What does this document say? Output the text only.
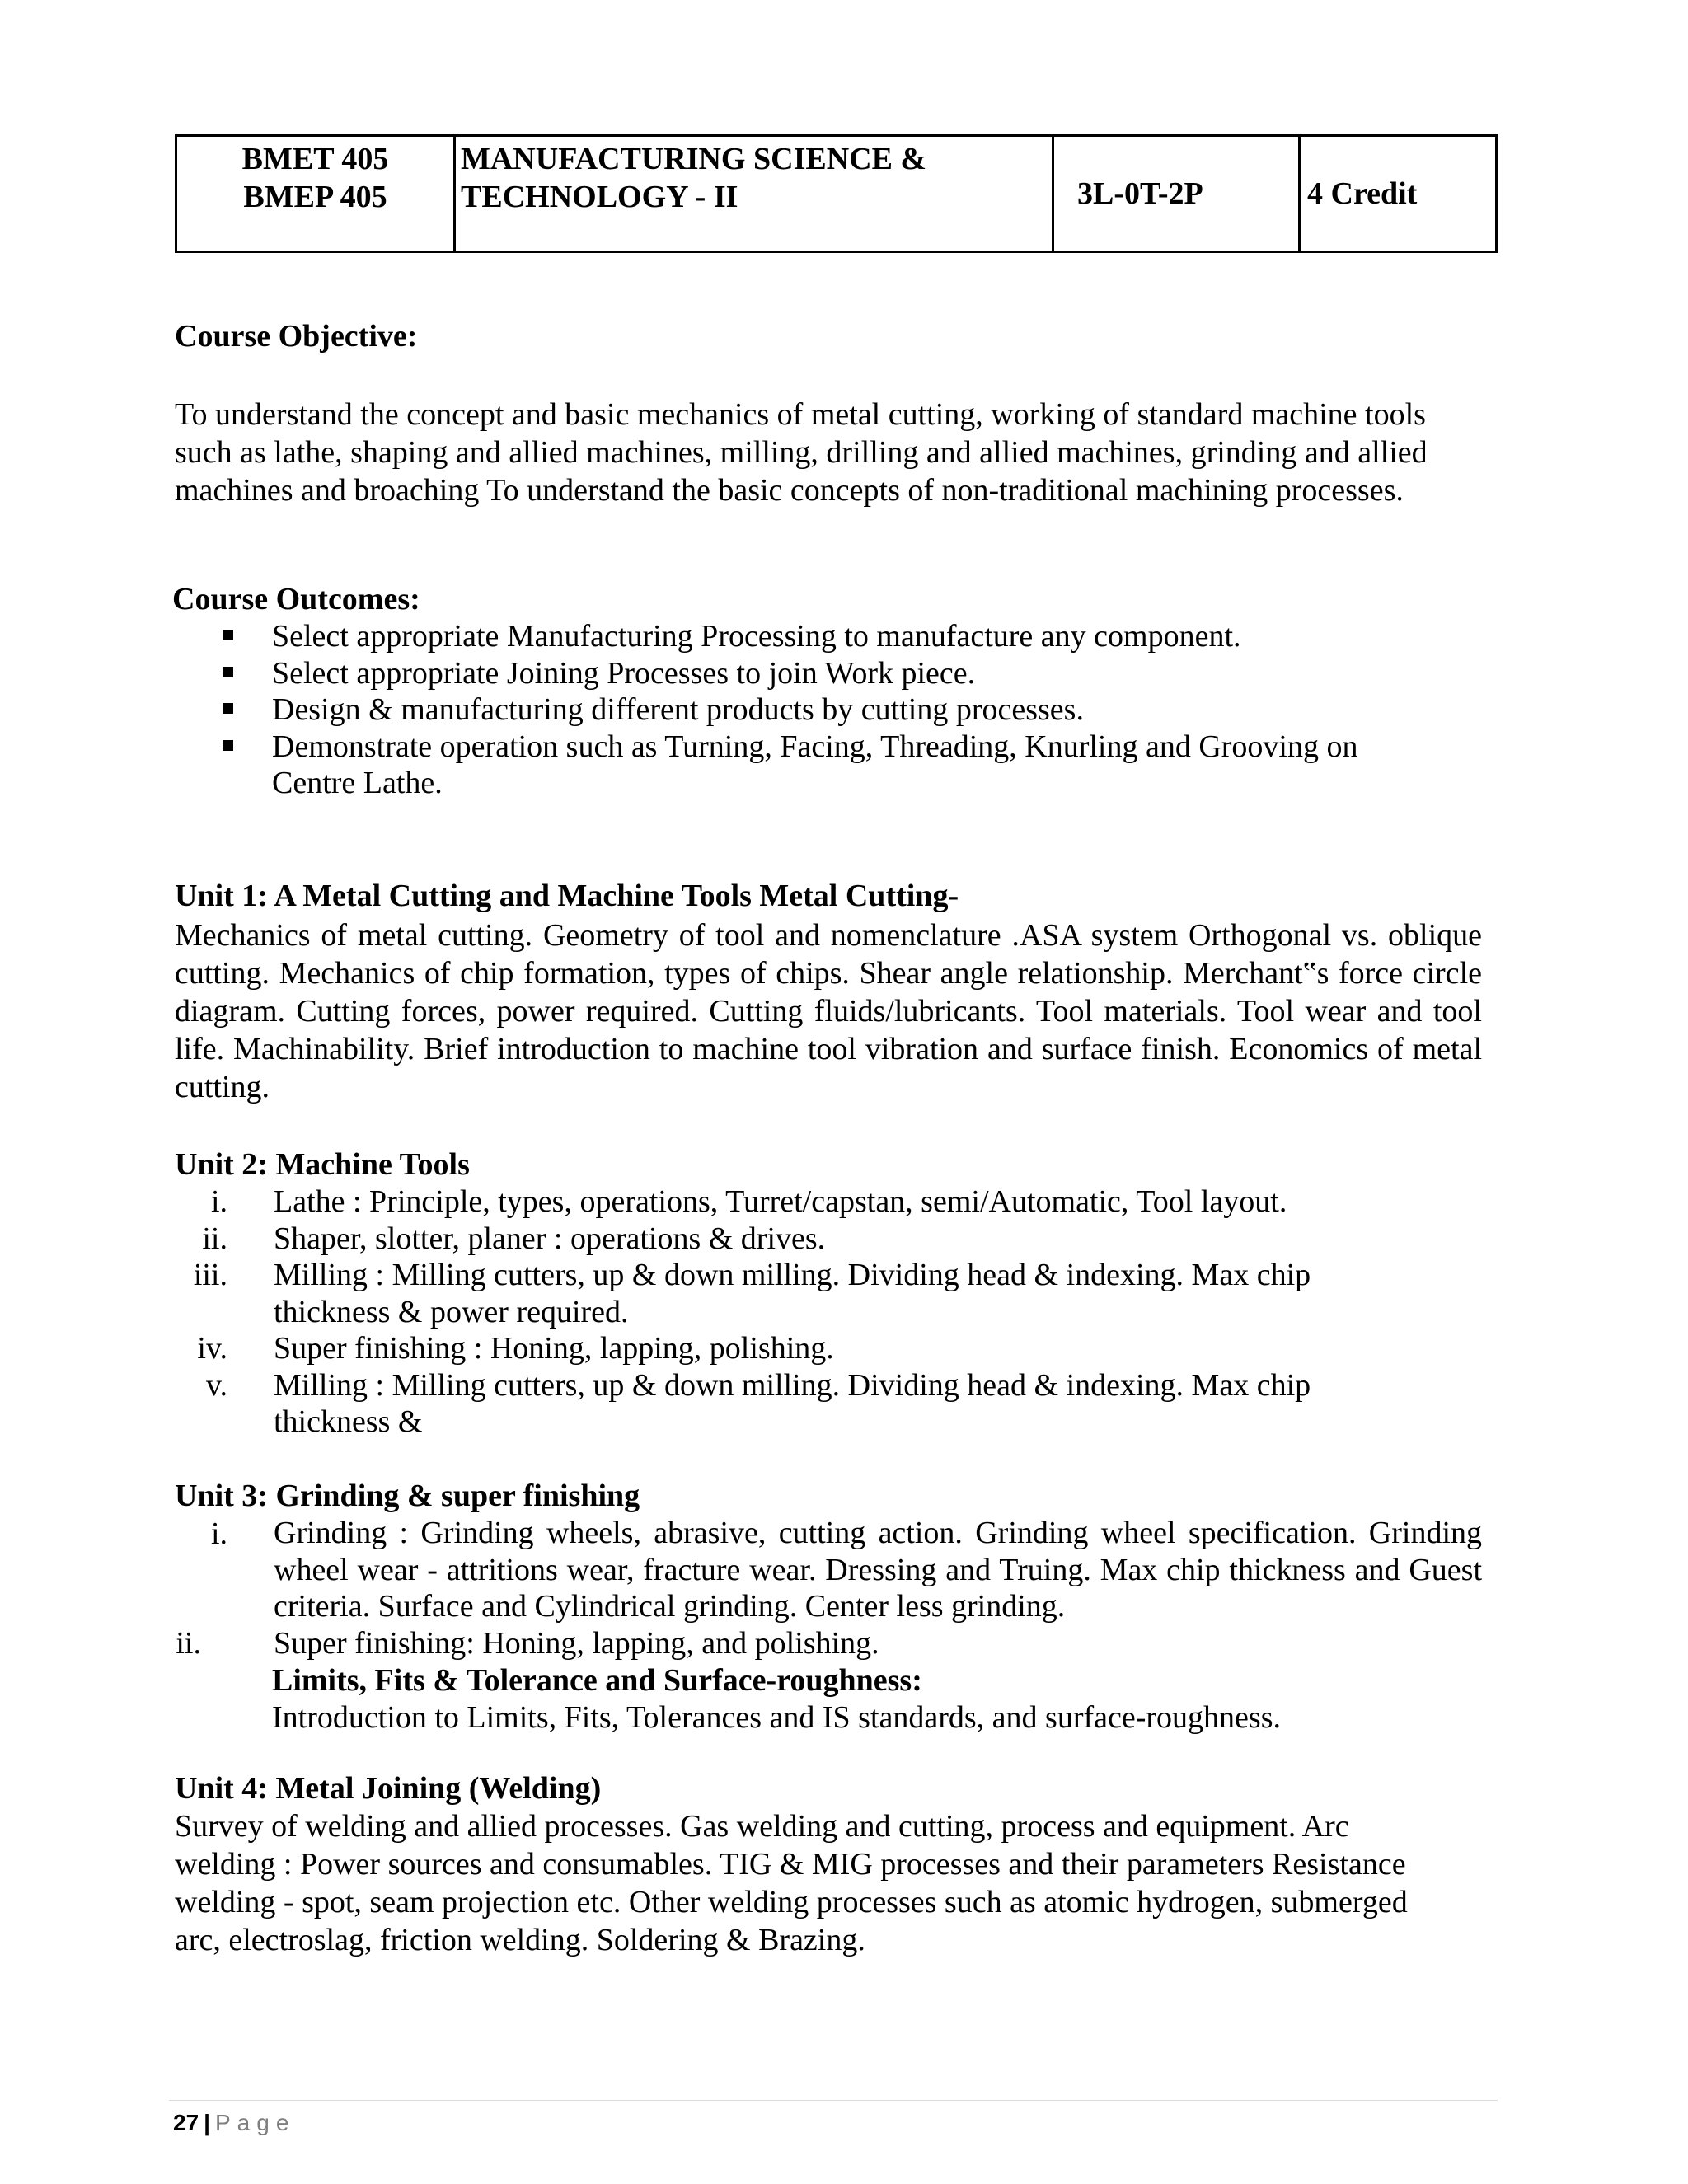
BMET 405
BMEP 405
MANUFACTURING SCIENCE &
TECHNOLOGY - II	3L-0T-2P	4 Credit
Course Objective:
To understand the concept and basic mechanics of metal cutting, working of standard machine tools
such as lathe, shaping and allied machines, milling, drilling and allied machines, grinding and allied
machines and broaching To understand the basic concepts of non-traditional machining processes.
Course Outcomes:
Select appropriate Manufacturing Processing to manufacture any component.
Select appropriate Joining Processes to join Work piece.
Design & manufacturing different products by cutting processes.
Demonstrate operation such as Turning, Facing, Threading, Knurling and Grooving on Centre Lathe.
Unit 1: A Metal Cutting and Machine Tools Metal Cutting-
Mechanics of metal cutting. Geometry of tool and nomenclature .ASA system Orthogonal vs. oblique cutting. Mechanics of chip formation, types of chips. Shear angle relationship. Merchant‟s force circle diagram. Cutting forces, power required. Cutting fluids/lubricants. Tool materials. Tool wear and tool life. Machinability. Brief introduction to machine tool vibration and surface finish. Economics of metal cutting.
Unit 2: Machine Tools
i. Lathe : Principle, types, operations, Turret/capstan, semi/Automatic, Tool layout.
ii. Shaper, slotter, planer : operations & drives.
iii. Milling : Milling cutters, up & down milling. Dividing head & indexing. Max chip thickness & power required.
iv. Super finishing : Honing, lapping, polishing.
v. Milling : Milling cutters, up & down milling. Dividing head & indexing. Max chip thickness &
Unit 3: Grinding & super finishing
i. Grinding : Grinding wheels, abrasive, cutting action. Grinding wheel specification. Grinding wheel wear - attritions wear, fracture wear. Dressing and Truing. Max chip thickness and Guest criteria. Surface and Cylindrical grinding. Center less grinding.
ii. Super finishing: Honing, lapping, and polishing.
Limits, Fits & Tolerance and Surface-roughness:
Introduction to Limits, Fits, Tolerances and IS standards, and surface-roughness.
Unit 4: Metal Joining (Welding)
Survey of welding and allied processes. Gas welding and cutting, process and equipment. Arc
welding : Power sources and consumables. TIG & MIG processes and their parameters Resistance
welding - spot, seam projection etc. Other welding processes such as atomic hydrogen, submerged
arc, electroslag, friction welding. Soldering & Brazing.
27 | Page
